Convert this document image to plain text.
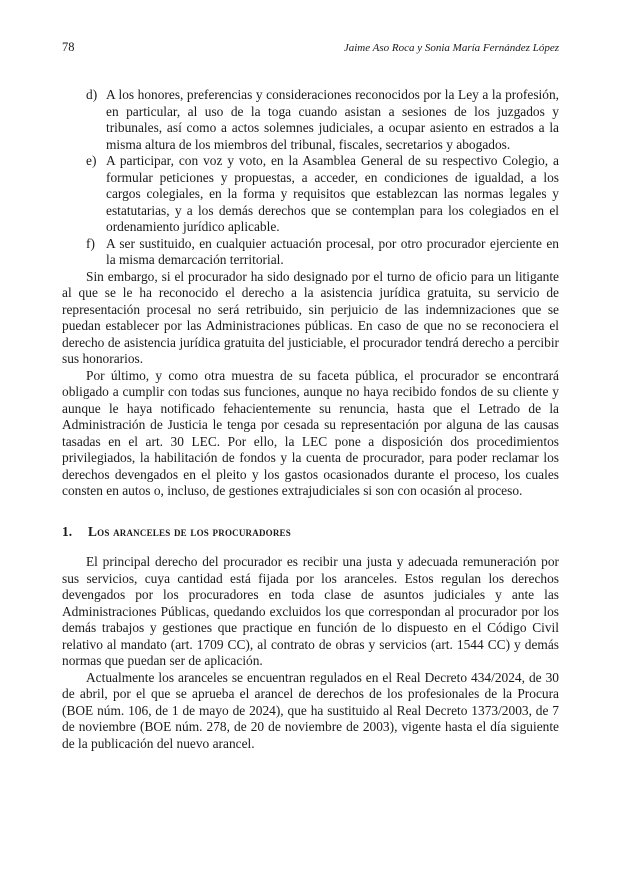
78	Jaime Aso Roca y Sonia María Fernández López
d) A los honores, preferencias y consideraciones reconocidos por la Ley a la profesión, en particular, al uso de la toga cuando asistan a sesiones de los juzgados y tribunales, así como a actos solemnes judiciales, a ocupar asiento en estrados a la misma altura de los miembros del tribunal, fiscales, secretarios y abogados.
e) A participar, con voz y voto, en la Asamblea General de su respectivo Colegio, a formular peticiones y propuestas, a acceder, en condiciones de igualdad, a los cargos colegiales, en la forma y requisitos que establezcan las normas legales y estatutarias, y a los demás derechos que se contemplan para los colegiados en el ordenamiento jurídico aplicable.
f) A ser sustituido, en cualquier actuación procesal, por otro procurador ejerciente en la misma demarcación territorial.

Sin embargo, si el procurador ha sido designado por el turno de oficio para un litigante al que se le ha reconocido el derecho a la asistencia jurídica gratuita, su servicio de representación procesal no será retribuido, sin perjuicio de las indemnizaciones que se puedan establecer por las Administraciones públicas. En caso de que no se reconociera el derecho de asistencia jurídica gratuita del justiciable, el procurador tendrá derecho a percibir sus honorarios.

Por último, y como otra muestra de su faceta pública, el procurador se encontrará obligado a cumplir con todas sus funciones, aunque no haya recibido fondos de su cliente y aunque le haya notificado fehacientemente su renuncia, hasta que el Letrado de la Administración de Justicia le tenga por cesada su representación por alguna de las causas tasadas en el art. 30 LEC. Por ello, la LEC pone a disposición dos procedimientos privilegiados, la habilitación de fondos y la cuenta de procurador, para poder reclamar los derechos devengados en el pleito y los gastos ocasionados durante el proceso, los cuales consten en autos o, incluso, de gestiones extrajudiciales si son con ocasión al proceso.

1.	Los aranceles de los procuradores

El principal derecho del procurador es recibir una justa y adecuada remuneración por sus servicios, cuya cantidad está fijada por los aranceles. Estos regulan los derechos devengados por los procuradores en toda clase de asuntos judiciales y ante las Administraciones Públicas, quedando excluidos los que correspondan al procurador por los demás trabajos y gestiones que practique en función de lo dispuesto en el Código Civil relativo al mandato (art. 1709 CC), al contrato de obras y servicios (art. 1544 CC) y demás normas que puedan ser de aplicación.

Actualmente los aranceles se encuentran regulados en el Real Decreto 434/2024, de 30 de abril, por el que se aprueba el arancel de derechos de los profesionales de la Procura (BOE núm. 106, de 1 de mayo de 2024), que ha sustituido al Real Decreto 1373/2003, de 7 de noviembre (BOE núm. 278, de 20 de noviembre de 2003), vigente hasta el día siguiente de la publicación del nuevo arancel.
